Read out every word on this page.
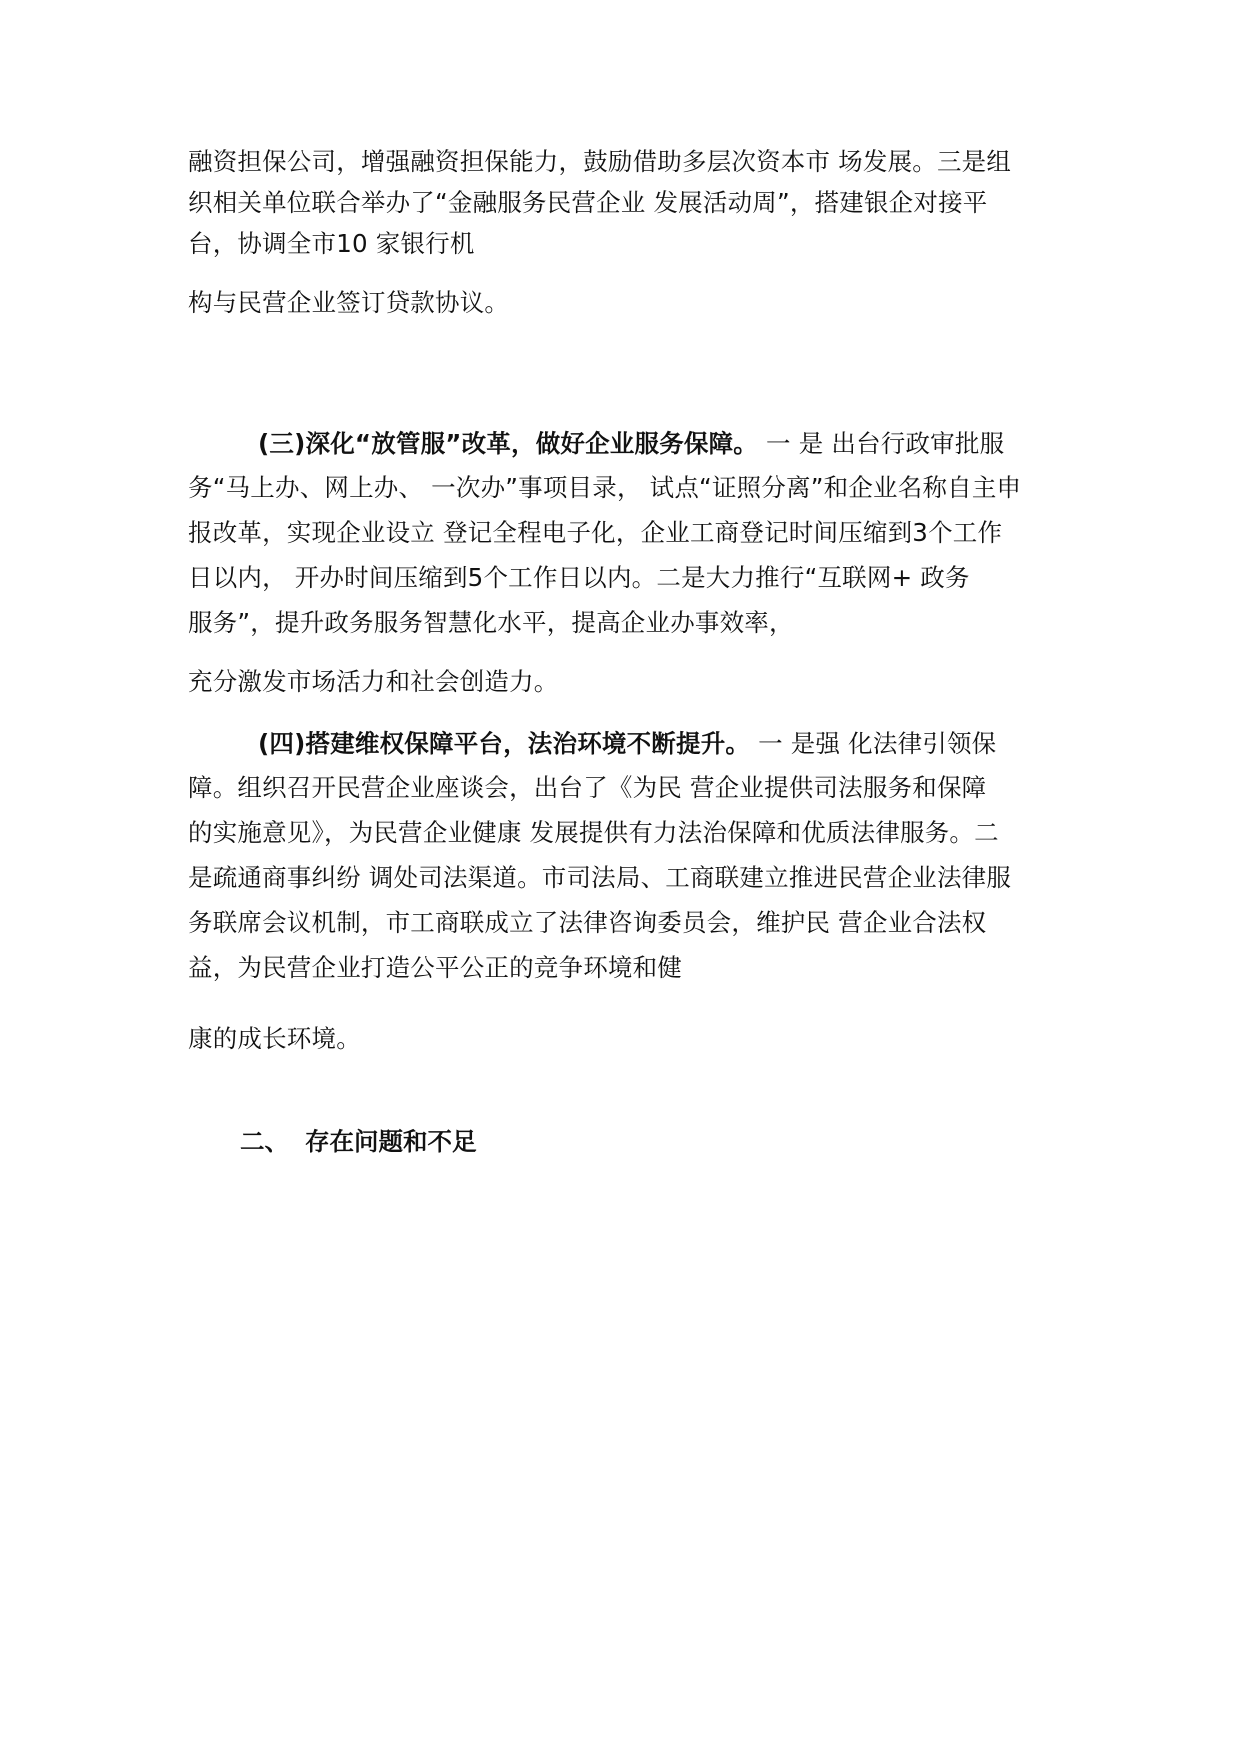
融资担保公司，增强融资担保能力，鼓励借助多层次资本市 场发展。三是组
织相关单位联合举办了“金融服务民营企业 发展活动周”，搭建银企对接平
台，协调全市10 家银行机
构与民营企业签订贷款协议。
(三)深化“放管服”改革，做好企业服务保障。 一 是 出台行政审批服
务“马上办、网上办、 一次办”事项目录， 试点“证照分离”和企业名称自主申
报改革，实现企业设立 登记全程电子化，企业工商登记时间压缩到3个工作
日以内， 开办时间压缩到5个工作日以内。二是大力推行“互联网+ 政务
服务”，提升政务服务智慧化水平，提高企业办事效率，
充分激发市场活力和社会创造力。
(四)搭建维权保障平台，法治环境不断提升。 一 是强 化法律引领保
障。组织召开民营企业座谈会，出台了《为民 营企业提供司法服务和保障
的实施意见》，为民营企业健康 发展提供有力法治保障和优质法律服务。二
是疏通商事纠纷 调处司法渠道。市司法局、工商联建立推进民营企业法律服
务联席会议机制，市工商联成立了法律咨询委员会，维护民 营企业合法权
益，为民营企业打造公平公正的竞争环境和健
康的成长环境。
二、 存在问题和不足
